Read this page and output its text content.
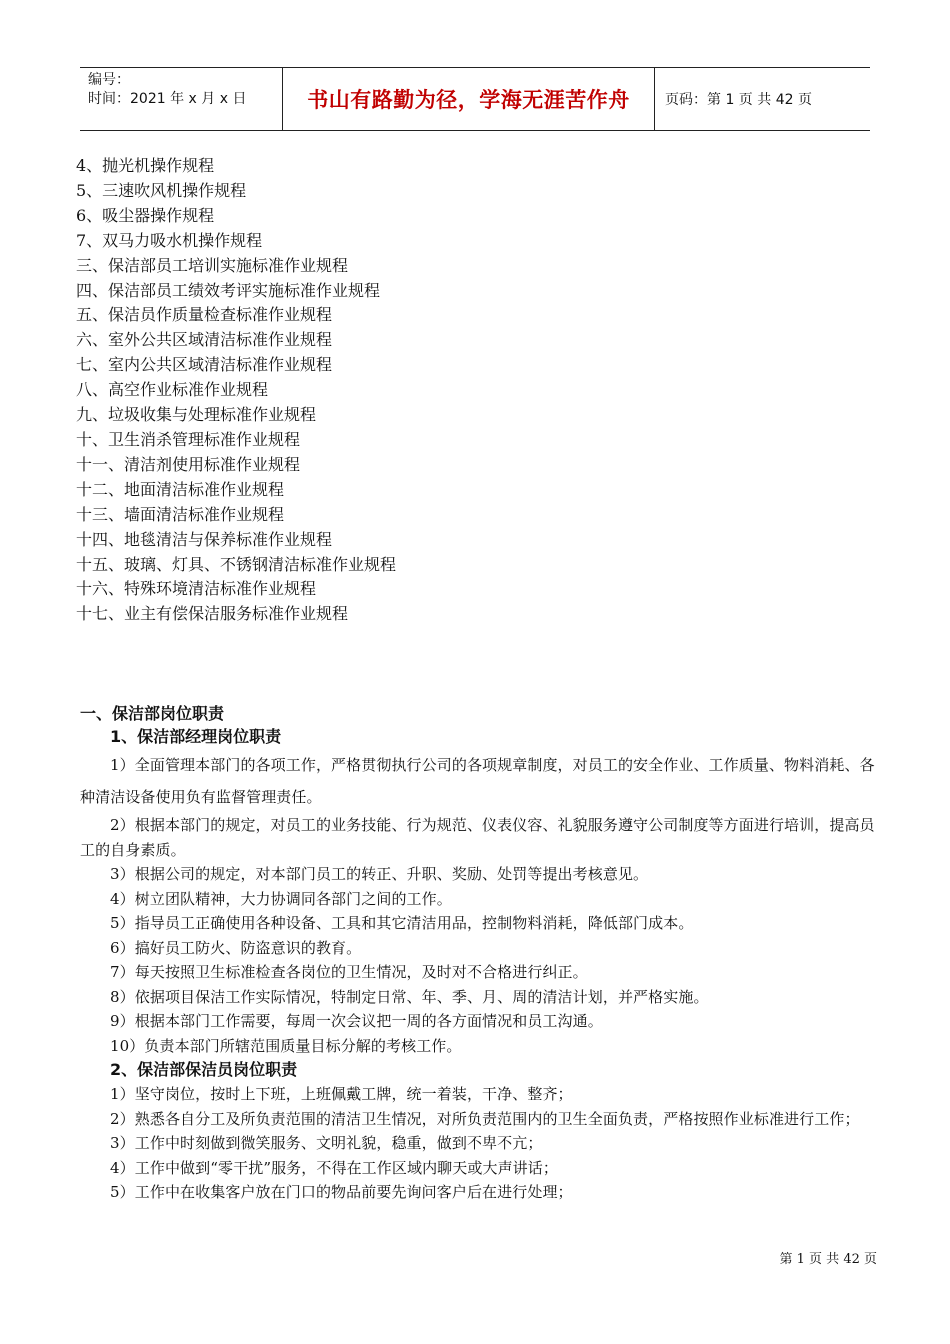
编号：
时间：2021 年 x 月 x 日	书山有路勤为径，学海无涯苦作舟	页码：第 1 页 共 42 页
4、抛光机操作规程
5、三速吹风机操作规程
6、吸尘器操作规程
7、双马力吸水机操作规程
三、保洁部员工培训实施标准作业规程
四、保洁部员工绩效考评实施标准作业规程
五、保洁员作质量检查标准作业规程
六、室外公共区域清洁标准作业规程
七、室内公共区域清洁标准作业规程
八、高空作业标准作业规程
九、垃圾收集与处理标准作业规程
十、卫生消杀管理标准作业规程
十一、清洁剂使用标准作业规程
十二、地面清洁标准作业规程
十三、墙面清洁标准作业规程
十四、地毯清洁与保养标准作业规程
十五、玻璃、灯具、不锈钢清洁标准作业规程
十六、特殊环境清洁标准作业规程
十七、业主有偿保洁服务标准作业规程
一、保洁部岗位职责
1、保洁部经理岗位职责
1）全面管理本部门的各项工作，严格贯彻执行公司的各项规章制度，对员工的安全作业、工作质量、物料消耗、各种清洁设备使用负有监督管理责任。
2）根据本部门的规定，对员工的业务技能、行为规范、仪表仪容、礼貌服务遵守公司制度等方面进行培训，提高员工的自身素质。
3）根据公司的规定，对本部门员工的转正、升职、奖励、处罚等提出考核意见。
4）树立团队精神，大力协调同各部门之间的工作。
5）指导员工正确使用各种设备、工具和其它清洁用品，控制物料消耗，降低部门成本。
6）搞好员工防火、防盗意识的教育。
7）每天按照卫生标准检查各岗位的卫生情况，及时对不合格进行纠正。
8）依据项目保洁工作实际情况，特制定日常、年、季、月、周的清洁计划，并严格实施。
9）根据本部门工作需要，每周一次会议把一周的各方面情况和员工沟通。
10）负责本部门所辖范围质量目标分解的考核工作。
2、保洁部保洁员岗位职责
1）坚守岗位，按时上下班，上班佩戴工牌，统一着装，干净、整齐；
2）熟悉各自分工及所负责范围的清洁卫生情况，对所负责范围内的卫生全面负责，严格按照作业标准进行工作；
3）工作中时刻做到微笑服务、文明礼貌，稳重，做到不卑不亢；
4）工作中做到“零干扰”服务，不得在工作区域内聊天或大声讲话；
5）工作中在收集客户放在门口的物品前要先询问客户后在进行处理；
第 1 页 共 42 页
